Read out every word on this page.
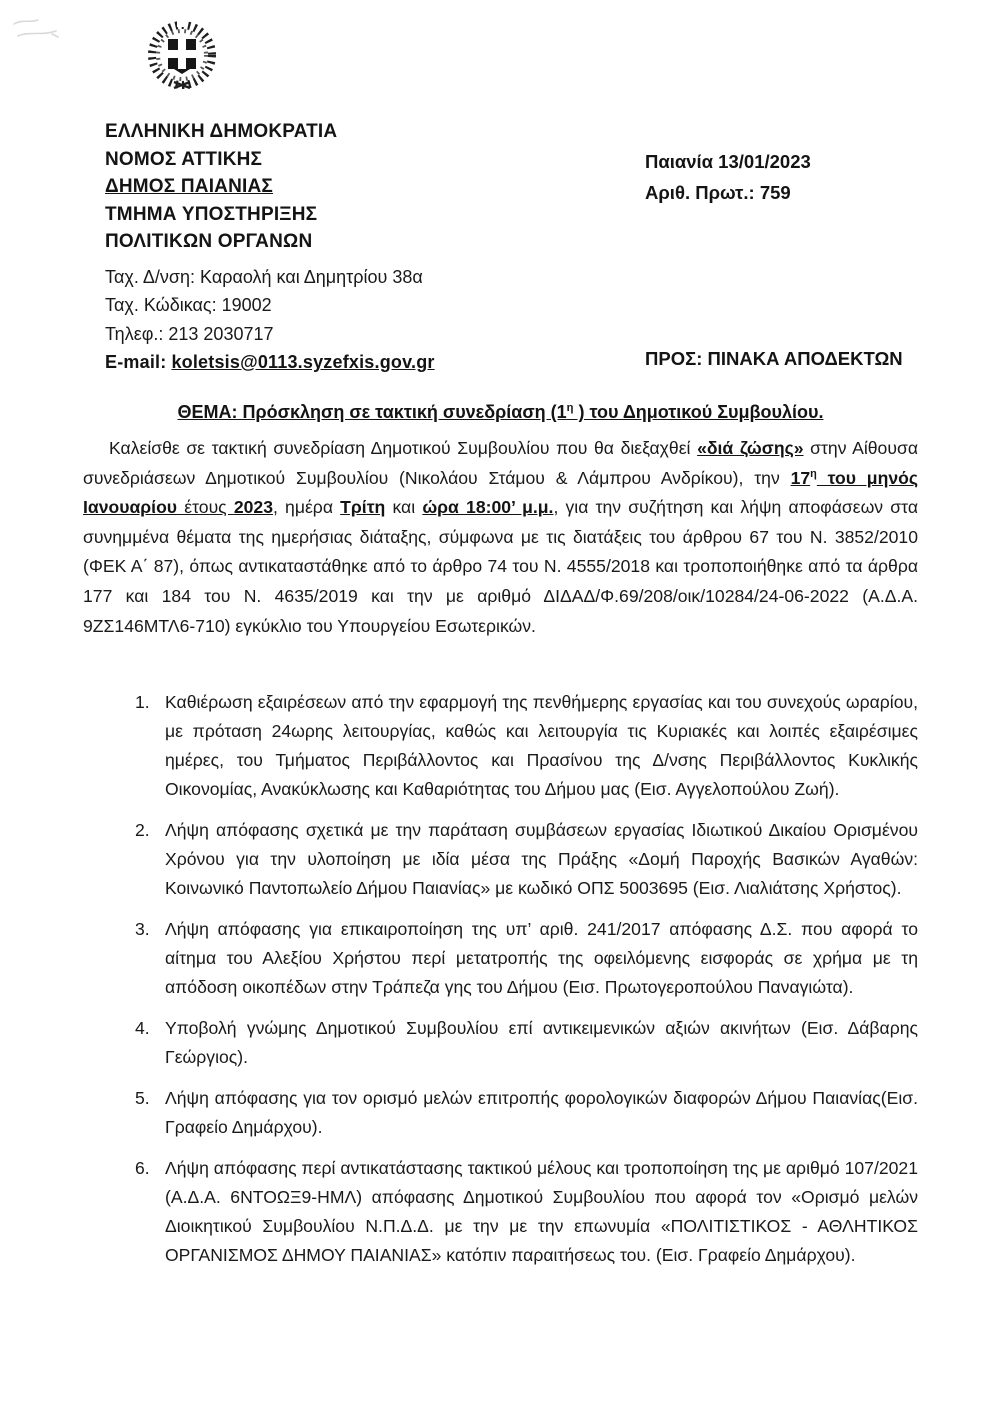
ΕΛΛΗΝΙΚΗ ΔΗΜΟΚΡΑΤΙΑ
ΝΟΜΟΣ ΑΤΤΙΚΗΣ
ΔΗΜΟΣ ΠΑΙΑΝΙΑΣ
ΤΜΗΜΑ ΥΠΟΣΤΗΡΙΞΗΣ
ΠΟΛΙΤΙΚΩΝ ΟΡΓΑΝΩΝ
Ταχ. Δ/νση: Καραολή και Δημητρίου 38α
Ταχ. Κώδικας: 19002
Τηλεφ.: 213 2030717
E-mail: koletsis@0113.syzefxis.gov.gr
Παιανία 13/01/2023
Αριθ. Πρωτ.: 759
ΠΡΟΣ: ΠΙΝΑΚΑ ΑΠΟΔΕΚΤΩΝ
ΘΕΜΑ: Πρόσκληση σε τακτική συνεδρίαση ($1^\eta$ ) του Δημοτικού Συμβουλίου.

Καλείσθε σε τακτική συνεδρίαση Δημοτικού Συμβουλίου που θα διεξαχθεί «διά ζώσης» στην Αίθουσα συνεδριάσεων Δημοτικού Συμβουλίου (Νικολάου Στάμου & Λάμπρου Ανδρίκου), την $17^\eta$ του μηνός Ιανουαρίου έτους 2023, ημέρα Τρίτη και ώρα 18:00’ μ.μ., για την συζήτηση και λήψη αποφάσεων στα συνημμένα θέματα της ημερήσιας διάταξης, σύμφωνα με τις διατάξεις του άρθρου 67 του Ν. 3852/2010 (ΦΕΚ Α΄ 87), όπως αντικαταστάθηκε από το άρθρο 74 του Ν. 4555/2018 και τροποποιήθηκε από τα άρθρα 177 και 184 του Ν. 4635/2019 και την με αριθμό ΔΙΔΑΔ/Φ.69/208/οικ/10284/24-06-2022 (Α.Δ.Α. 9ΖΣ146ΜΤΛ6-710) εγκύκλιο του Υπουργείου Εσωτερικών.

1. Καθιέρωση εξαιρέσεων από την εφαρμογή της πενθήμερης εργασίας και του συνεχούς ωραρίου, με πρόταση 24ωρης λειτουργίας, καθώς και λειτουργία τις Κυριακές και λοιπές εξαιρέσιμες ημέρες, του Τμήματος Περιβάλλοντος και Πρασίνου της Δ/νσης Περιβάλλοντος Κυκλικής Οικονομίας, Ανακύκλωσης και Καθαριότητας του Δήμου μας (Εισ. Αγγελοπούλου Ζωή).
2. Λήψη απόφασης σχετικά με την παράταση συμβάσεων εργασίας Ιδιωτικού Δικαίου Ορισμένου Χρόνου για την υλοποίηση με ιδία μέσα της Πράξης «Δομή Παροχής Βασικών Αγαθών: Κοινωνικό Παντοπωλείο Δήμου Παιανίας» με κωδικό ΟΠΣ 5003695 (Εισ. Λιαλιάτσης Χρήστος).
3. Λήψη απόφασης για επικαιροποίηση της υπ’ αριθ. 241/2017 απόφασης Δ.Σ. που αφορά το αίτημα του Αλεξίου Χρήστου περί μετατροπής της οφειλόμενης εισφοράς σε χρήμα με τη απόδοση οικοπέδων στην Τράπεζα γης του Δήμου (Εισ. Πρωτογεροπούλου Παναγιώτα).
4. Υποβολή γνώμης Δημοτικού Συμβουλίου επί αντικειμενικών αξιών ακινήτων (Εισ. Δάβαρης Γεώργιος).
5. Λήψη απόφασης για τον ορισμό μελών επιτροπής φορολογικών διαφορών Δήμου Παιανίας(Εισ. Γραφείο Δημάρχου).
6. Λήψη απόφασης περί αντικατάστασης τακτικού μέλους και τροποποίηση της με αριθμό 107/2021 (Α.Δ.Α. 6ΝΤΟΩΞ9-ΗΜΛ) απόφασης Δημοτικού Συμβουλίου που αφορά τον «Ορισμό μελών Διοικητικού Συμβουλίου Ν.Π.Δ.Δ. με την με την επωνυμία «ΠΟΛΙΤΙΣΤΙΚΟΣ - ΑΘΛΗΤΙΚΟΣ ΟΡΓΑΝΙΣΜΟΣ ΔΗΜΟΥ ΠΑΙΑΝΙΑΣ» κατόπιν παραιτήσεως του. (Εισ. Γραφείο Δημάρχου).
